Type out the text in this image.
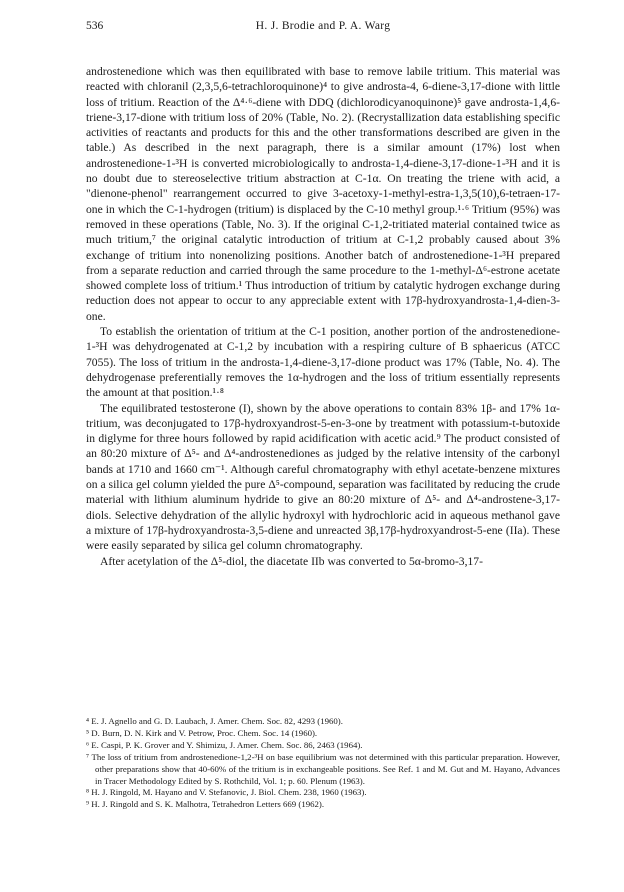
536	H. J. Brodie and P. A. Warg

androstenedione which was then equilibrated with base to remove labile tritium. This material was reacted with chloranil (2,3,5,6-tetrachloroquinone)⁴ to give androsta-4, 6-diene-3,17-dione with little loss of tritium. Reaction of the Δ⁴·⁶-diene with DDQ (dichlorodicyanoquinone)⁵ gave androsta-1,4,6-triene-3,17-dione with tritium loss of 20% (Table, No. 2). (Recrystallization data establishing specific activities of reactants and products for this and the other transformations described are given in the table.) As described in the next paragraph, there is a similar amount (17%) lost when androstenedione-1-³H is converted microbiologically to androsta-1,4-diene-3,17-dione-1-³H and it is no doubt due to stereoselective tritium abstraction at C-1α. On treating the triene with acid, a "dienone-phenol" rearrangement occurred to give 3-acetoxy-1-methyl-estra-1,3,5(10),6-tetraen-17-one in which the C-1-hydrogen (tritium) is displaced by the C-10 methyl group.¹·⁶ Tritium (95%) was removed in these operations (Table, No. 3). If the original C-1,2-tritiated material contained twice as much tritium,⁷ the original catalytic introduction of tritium at C-1,2 probably caused about 3% exchange of tritium into nonenolizing positions. Another batch of androstenedione-1-³H prepared from a separate reduction and carried through the same procedure to the 1-methyl-Δ⁶-estrone acetate showed complete loss of tritium.¹ Thus introduction of tritium by catalytic hydrogen exchange during reduction does not appear to occur to any appreciable extent with 17β-hydroxyandrosta-1,4-dien-3-one.

To establish the orientation of tritium at the C-1 position, another portion of the androstenedione-1-³H was dehydrogenated at C-1,2 by incubation with a respiring culture of B sphaericus (ATCC 7055). The loss of tritium in the androsta-1,4-diene-3,17-dione product was 17% (Table, No. 4). The dehydrogenase preferentially removes the 1α-hydrogen and the loss of tritium essentially represents the amount at that position.¹·⁸

The equilibrated testosterone (I), shown by the above operations to contain 83% 1β- and 17% 1α-tritium, was deconjugated to 17β-hydroxyandrost-5-en-3-one by treatment with potassium-t-butoxide in diglyme for three hours followed by rapid acidification with acetic acid.⁹ The product consisted of an 80:20 mixture of Δ⁵- and Δ⁴-androstenediones as judged by the relative intensity of the carbonyl bands at 1710 and 1660 cm⁻¹. Although careful chromatography with ethyl acetate-benzene mixtures on a silica gel column yielded the pure Δ⁵-compound, separation was facilitated by reducing the crude material with lithium aluminum hydride to give an 80:20 mixture of Δ⁵- and Δ⁴-androstene-3,17-diols. Selective dehydration of the allylic hydroxyl with hydrochloric acid in aqueous methanol gave a mixture of 17β-hydroxyandrosta-3,5-diene and unreacted 3β,17β-hydroxyandrost-5-ene (IIa). These were easily separated by silica gel column chromatography.

After acetylation of the Δ⁵-diol, the diacetate IIb was converted to 5α-bromo-3,17-

⁴ E. J. Agnello and G. D. Laubach, J. Amer. Chem. Soc. 82, 4293 (1960).

⁵ D. Burn, D. N. Kirk and V. Petrow, Proc. Chem. Soc. 14 (1960).

⁶ E. Caspi, P. K. Grover and Y. Shimizu, J. Amer. Chem. Soc. 86, 2463 (1964).

⁷ The loss of tritium from androstenedione-1,2-³H on base equilibrium was not determined with this particular preparation. However, other preparations show that 40-60% of the tritium is in exchangeable positions. See Ref. 1 and M. Gut and M. Hayano, Advances in Tracer Methodology Edited by S. Rothchild, Vol. 1; p. 60. Plenum (1963).

⁸ H. J. Ringold, M. Hayano and V. Stefanovic, J. Biol. Chem. 238, 1960 (1963).

⁹ H. J. Ringold and S. K. Malhotra, Tetrahedron Letters 669 (1962).
